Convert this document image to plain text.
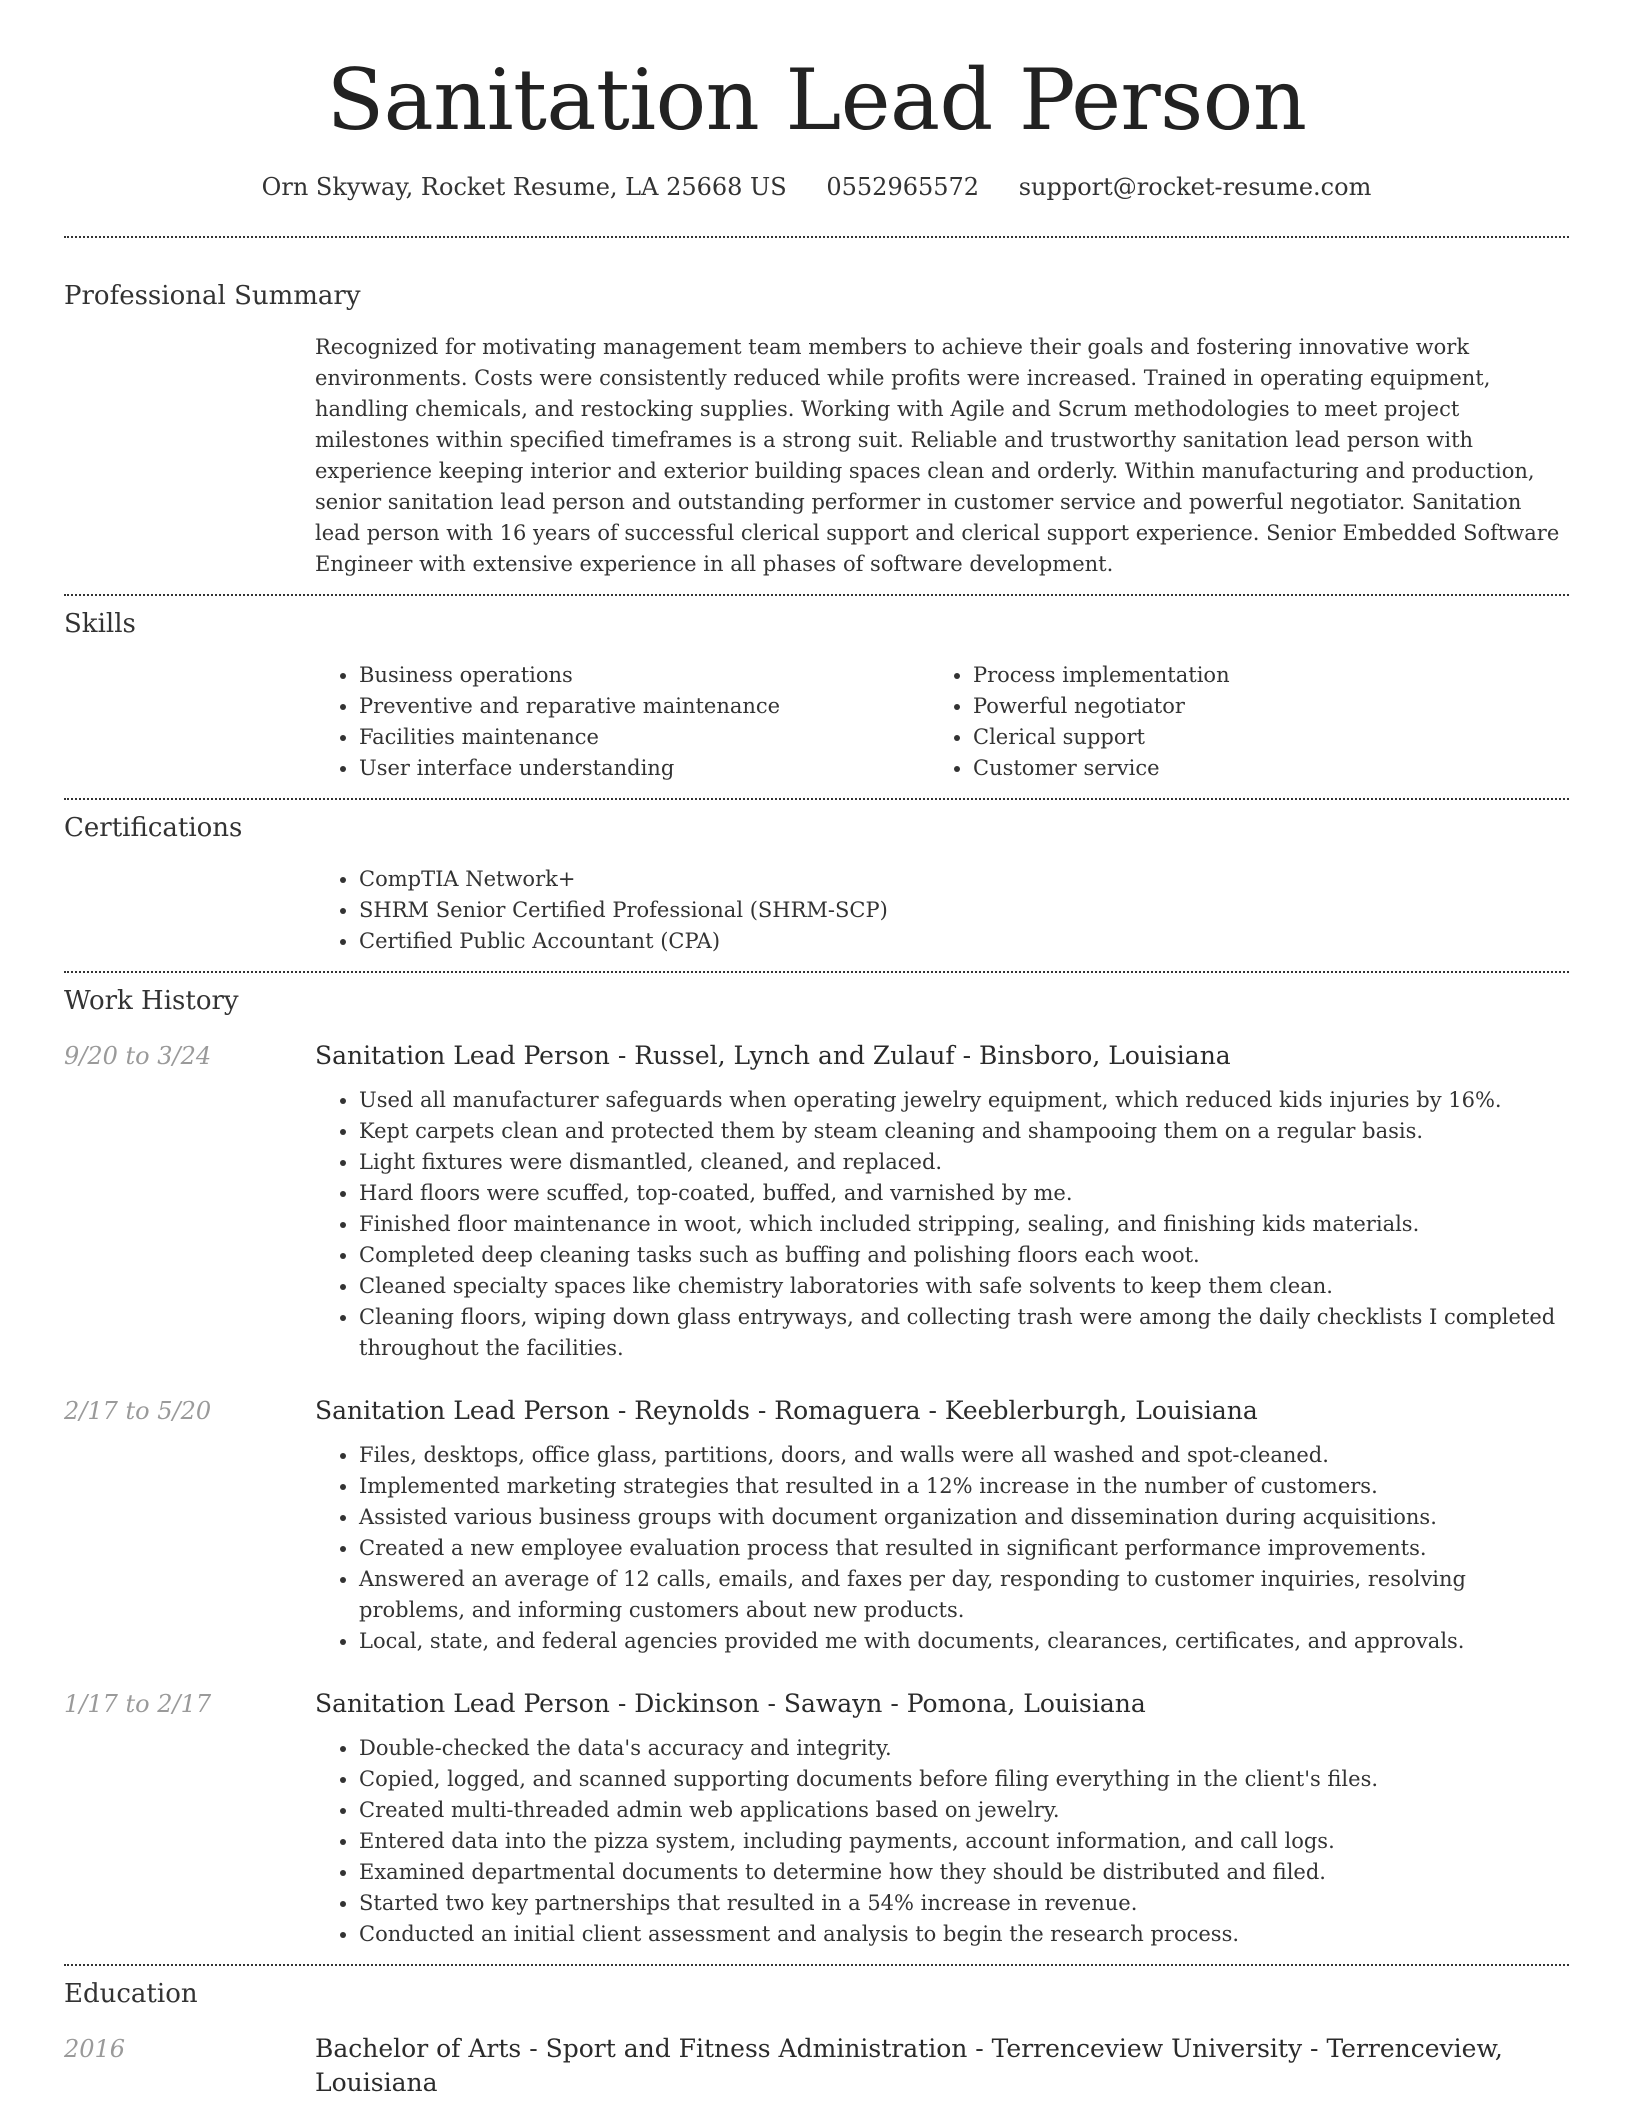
Sanitation Lead Person
Orn Skyway, Rocket Resume, LA 25668 US 0552965572 support@rocket-resume.com
Professional Summary
Recognized for motivating management team members to achieve their goals and fostering innovative work environments. Costs were consistently reduced while profits were increased. Trained in operating equipment, handling chemicals, and restocking supplies. Working with Agile and Scrum methodologies to meet project milestones within specified timeframes is a strong suit. Reliable and trustworthy sanitation lead person with experience keeping interior and exterior building spaces clean and orderly. Within manufacturing and production, senior sanitation lead person and outstanding performer in customer service and powerful negotiator. Sanitation lead person with 16 years of successful clerical support and clerical support experience. Senior Embedded Software Engineer with extensive experience in all phases of software development.
Skills
• Business operations
• Preventive and reparative maintenance
• Facilities maintenance
• User interface understanding
• Process implementation
• Powerful negotiator
• Clerical support
• Customer service
Certifications
• CompTIA Network+
• SHRM Senior Certified Professional (SHRM-SCP)
• Certified Public Accountant (CPA)
Work History
9/20 to 3/24	Sanitation Lead Person - Russel, Lynch and Zulauf - Binsboro, Louisiana
• Used all manufacturer safeguards when operating jewelry equipment, which reduced kids injuries by 16%.
• Kept carpets clean and protected them by steam cleaning and shampooing them on a regular basis.
• Light fixtures were dismantled, cleaned, and replaced.
• Hard floors were scuffed, top-coated, buffed, and varnished by me.
• Finished floor maintenance in woot, which included stripping, sealing, and finishing kids materials.
• Completed deep cleaning tasks such as buffing and polishing floors each woot.
• Cleaned specialty spaces like chemistry laboratories with safe solvents to keep them clean.
• Cleaning floors, wiping down glass entryways, and collecting trash were among the daily checklists I completed throughout the facilities.
2/17 to 5/20	Sanitation Lead Person - Reynolds - Romaguera - Keeblerburgh, Louisiana
• Files, desktops, office glass, partitions, doors, and walls were all washed and spot-cleaned.
• Implemented marketing strategies that resulted in a 12% increase in the number of customers.
• Assisted various business groups with document organization and dissemination during acquisitions.
• Created a new employee evaluation process that resulted in significant performance improvements.
• Answered an average of 12 calls, emails, and faxes per day, responding to customer inquiries, resolving problems, and informing customers about new products.
• Local, state, and federal agencies provided me with documents, clearances, certificates, and approvals.
1/17 to 2/17	Sanitation Lead Person - Dickinson - Sawayn - Pomona, Louisiana
• Double-checked the data's accuracy and integrity.
• Copied, logged, and scanned supporting documents before filing everything in the client's files.
• Created multi-threaded admin web applications based on jewelry.
• Entered data into the pizza system, including payments, account information, and call logs.
• Examined departmental documents to determine how they should be distributed and filed.
• Started two key partnerships that resulted in a 54% increase in revenue.
• Conducted an initial client assessment and analysis to begin the research process.
Education
2016	Bachelor of Arts - Sport and Fitness Administration - Terrenceview University - Terrenceview, Louisiana
